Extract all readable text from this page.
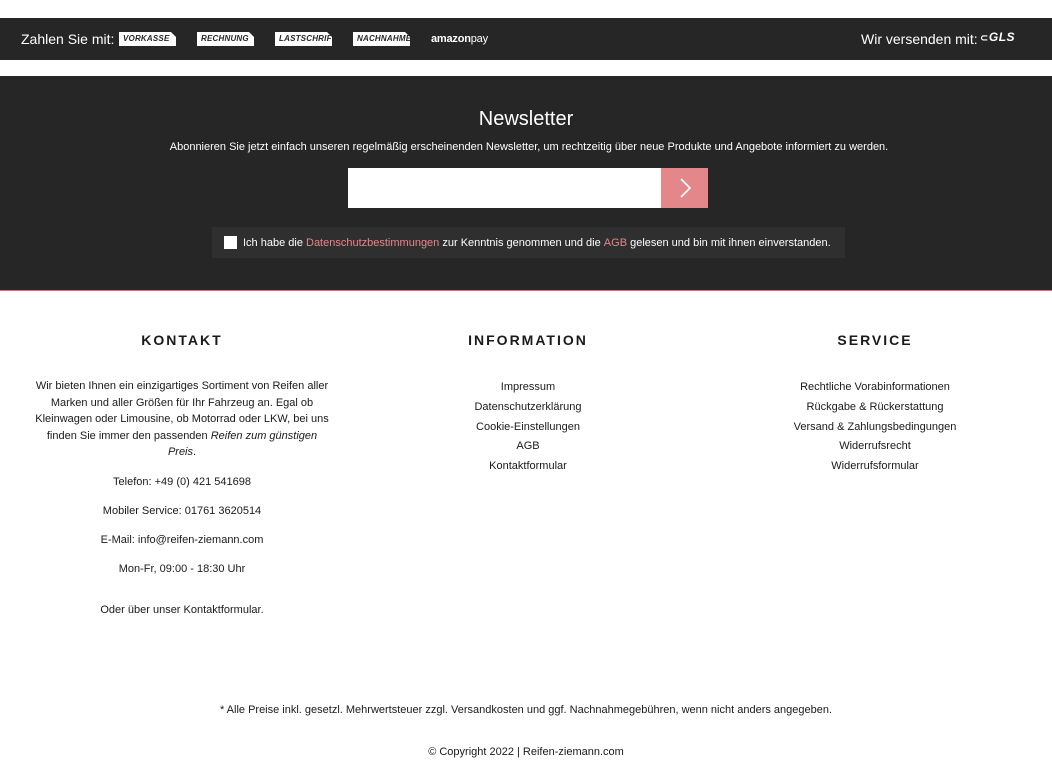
Zahlen Sie mit:	VORKASSE	RECHNUNG	LASTSCHRIFT	NACHNAHME amazonpay	Wir versenden mit: ⊂GLS
Newsletter
Abonnieren Sie jetzt einfach unseren regelmäßig erscheinenden Newsletter, um rechtzeitig über neue Produkte und Angebote informiert zu werden.
Ich habe die Datenschutzbestimmungen zur Kenntnis genommen und die AGB gelesen und bin mit ihnen einverstanden.
KONTAKT

Wir bieten Ihnen ein einzigartiges Sortiment von Reifen aller Marken und aller Größen für Ihr Fahrzeug an. Egal ob Kleinwagen oder Limousine, ob Motorrad oder LKW, bei uns finden Sie immer den passenden Reifen zum günstigen Preis.

Telefon: +49 (0) 421 541698

Mobiler Service: 01761 3620514

E-Mail: info@reifen-ziemann.com

Mon-Fr, 09:00 - 18:30 Uhr

Oder über unser Kontaktformular.

INFORMATION
Impressum
Datenschutzerklärung
Cookie-Einstellungen
AGB
Kontaktformular
SERVICE
Rechtliche Vorabinformationen
Rückgabe & Rückerstattung
Versand & Zahlungsbedingungen
Widerrufsrecht
Widerrufsformular
* Alle Preise inkl. gesetzl. Mehrwertsteuer zzgl. Versandkosten und ggf. Nachnahmegebühren, wenn nicht anders angegeben.
© Copyright 2022 | Reifen-ziemann.com
